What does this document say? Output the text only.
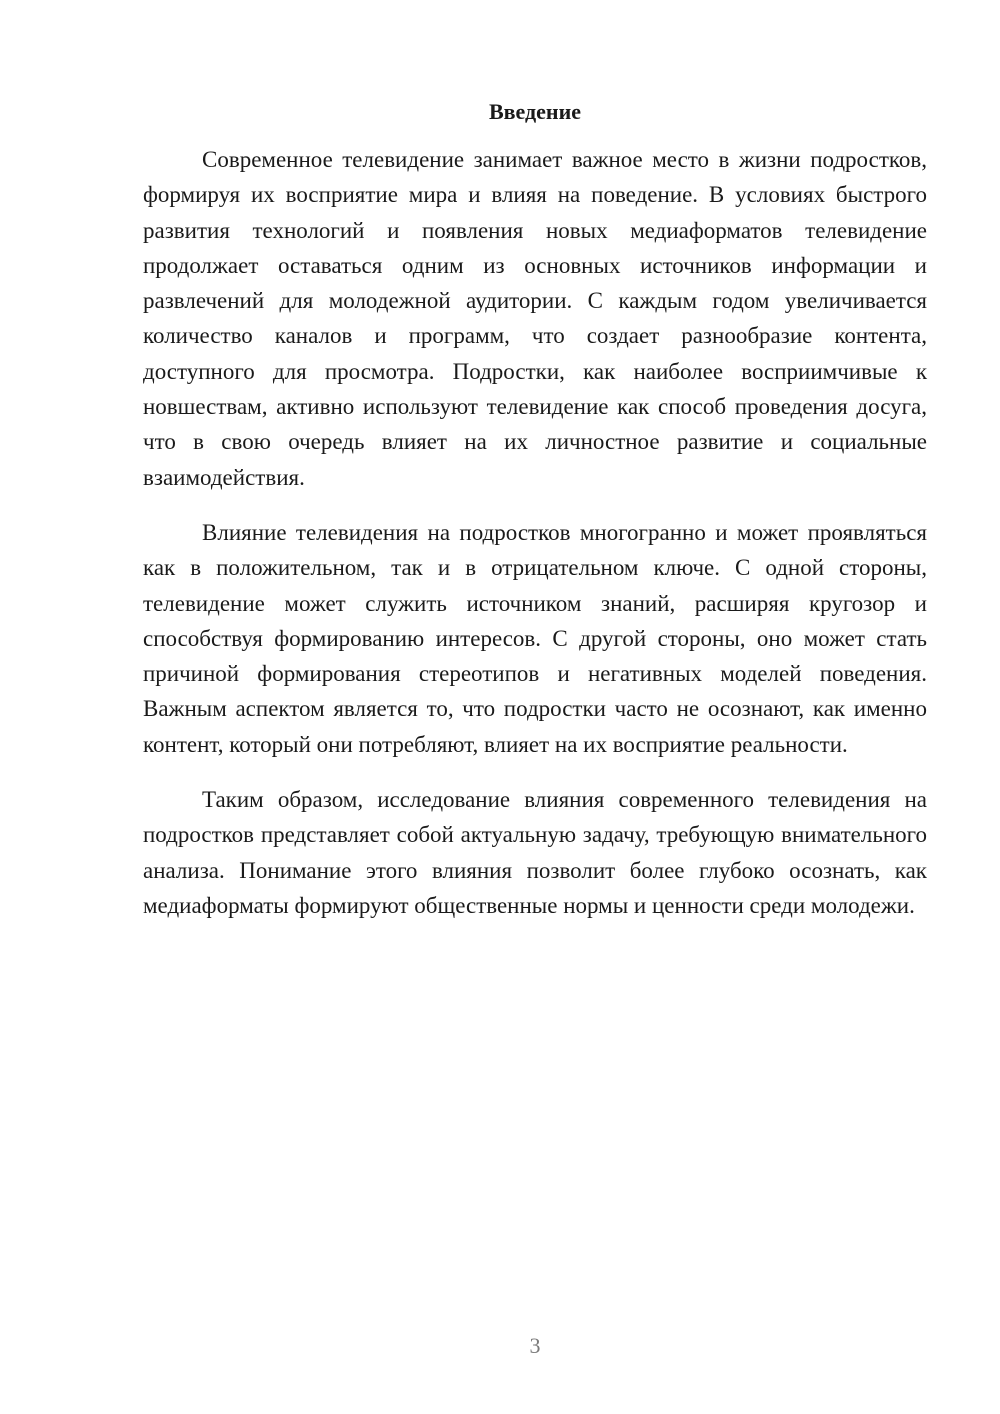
Введение

Современное телевидение занимает важное место в жизни подростков, формируя их восприятие мира и влияя на поведение. В условиях быстрого развития технологий и появления новых медиаформатов телевидение продолжает оставаться одним из основных источников информации и развлечений для молодежной аудитории. С каждым годом увеличивается количество каналов и программ, что создает разнообразие контента, доступного для просмотра. Подростки, как наиболее восприимчивые к новшествам, активно используют телевидение как способ проведения досуга, что в свою очередь влияет на их личностное развитие и социальные взаимодействия.

Влияние телевидения на подростков многогранно и может проявляться как в положительном, так и в отрицательном ключе. С одной стороны, телевидение может служить источником знаний, расширяя кругозор и способствуя формированию интересов. С другой стороны, оно может стать причиной формирования стереотипов и негативных моделей поведения. Важным аспектом является то, что подростки часто не осознают, как именно контент, который они потребляют, влияет на их восприятие реальности.

Таким образом, исследование влияния современного телевидения на подростков представляет собой актуальную задачу, требующую внимательного анализа. Понимание этого влияния позволит более глубоко осознать, как медиаформаты формируют общественные нормы и ценности среди молодежи.

3
